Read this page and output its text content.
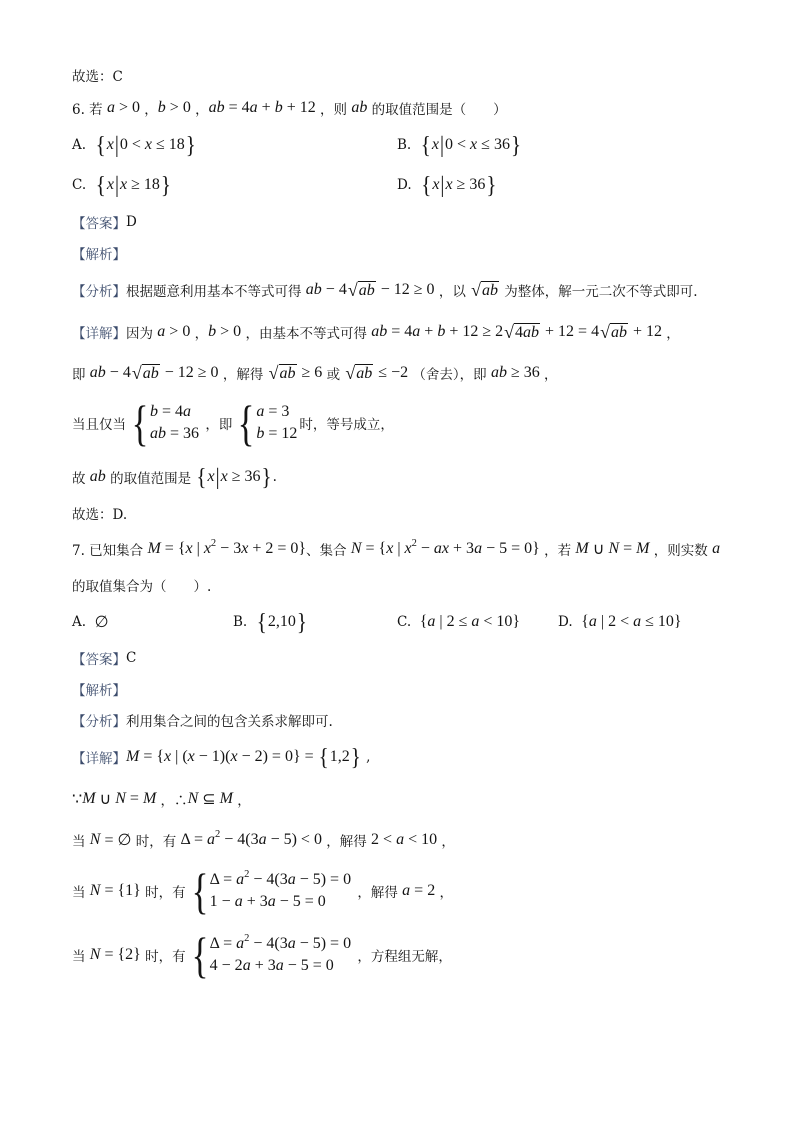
故选：C
6. 若 a > 0 ， b > 0 ， ab = 4 a + b + 12 ，则 ab 的取值范围是（　　）
A. { x | 0 < x ≤ 18 }	B. { x | 0 < x ≤ 36 }
C. { x | x ≥ 18 }	D. { x | x ≥ 36 }
【答案】 D
【解析】
【分析】 根据题意利用基本不等式可得 ab − 4 √ ab − 12 ≥ 0 ，以 √ ab 为整体，解一元二次不等式即可.
【详解】 因为 a > 0 ， b > 0 ，由基本不等式可得 ab = 4 a + b + 12 ≥ 2 √ 4 ab + 12 = 4 √ ab + 12 ，
即 ab − 4 √ ab − 12 ≥ 0 ，解得 √ ab ≥ 6 或 √ ab ≤ −2 （舍去），即 ab ≥ 36 ，
当且仅当
{ b = 4 a
ab = 36 ，即
{ a = 3
b = 12 时，等号成立，
故 ab 的取值范围是 { x | x ≥ 36 } .
故选：D.
7. 已知集合 M = { x | x 2 − 3 x + 2 = 0} 、集合 N = { x | x 2 − ax + 3 a − 5 = 0} ，若 M ∪ N = M ，则实数 a
的取值集合为（　　）.
A. ∅	B. { 2,10 }	C. { a | 2 ≤ a < 10}	D. { a | 2 < a ≤ 10}
【答案】 C
【解析】
【分析】 利用集合之间的包含关系求解即可.
【详解】 M = { x | ( x − 1)( x − 2) = 0} = { 1,2 } ,
∵ M ∪ N = M ，∴ N ⊆ M ，
当 N = ∅ 时，有 Δ = a 2 − 4(3 a − 5) < 0 ，解得 2 < a < 10 ，
当 N = {1} 时，有
{ Δ = a 2 − 4(3 a − 5) = 0
1 − a + 3 a − 5 = 0 ，解得 a = 2 ，
当 N = {2} 时，有
{ Δ = a 2 − 4(3 a − 5) = 0
4 − 2 a + 3 a − 5 = 0 ，方程组无解，
